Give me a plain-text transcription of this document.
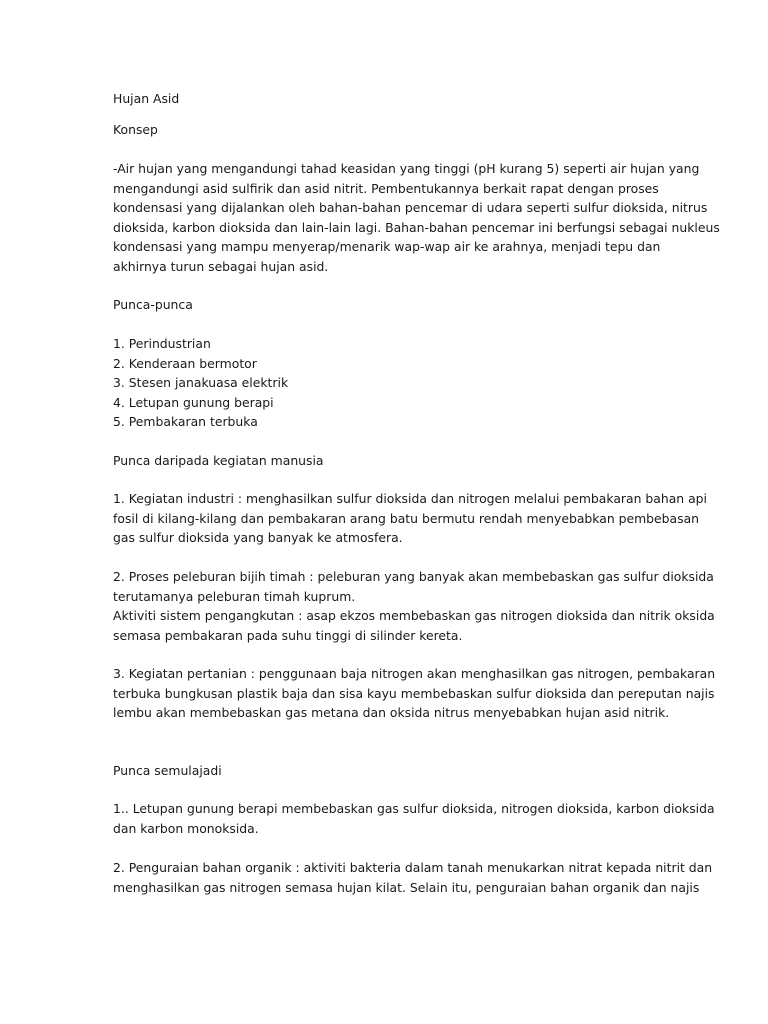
Hujan Asid
Konsep
-Air hujan yang mengandungi tahad keasidan yang tinggi (pH kurang 5) seperti air hujan yang
mengandungi asid sulfirik dan asid nitrit. Pembentukannya berkait rapat dengan proses
kondensasi yang dijalankan oleh bahan-bahan pencemar di udara seperti sulfur dioksida, nitrus
dioksida, karbon dioksida dan lain-lain lagi. Bahan-bahan pencemar ini berfungsi sebagai nukleus
kondensasi yang mampu menyerap/menarik wap-wap air ke arahnya, menjadi tepu dan
akhirnya turun sebagai hujan asid.
Punca-punca
1. Perindustrian
2. Kenderaan bermotor
3. Stesen janakuasa elektrik
4. Letupan gunung berapi
5. Pembakaran terbuka
Punca daripada kegiatan manusia
1. Kegiatan industri : menghasilkan sulfur dioksida dan nitrogen melalui pembakaran bahan api
fosil di kilang-kilang dan pembakaran arang batu bermutu rendah menyebabkan pembebasan
gas sulfur dioksida yang banyak ke atmosfera.
2. Proses peleburan bijih timah : peleburan yang banyak akan membebaskan gas sulfur dioksida
terutamanya peleburan timah kuprum.
Aktiviti sistem pengangkutan : asap ekzos membebaskan gas nitrogen dioksida dan nitrik oksida
semasa pembakaran pada suhu tinggi di silinder kereta.
3. Kegiatan pertanian : penggunaan baja nitrogen akan menghasilkan gas nitrogen, pembakaran
terbuka bungkusan plastik baja dan sisa kayu membebaskan sulfur dioksida dan pereputan najis
lembu akan membebaskan gas metana dan oksida nitrus menyebabkan hujan asid nitrik.
Punca semulajadi
1.. Letupan gunung berapi membebaskan gas sulfur dioksida, nitrogen dioksida, karbon dioksida
dan karbon monoksida.
2. Penguraian bahan organik : aktiviti bakteria dalam tanah menukarkan nitrat kepada nitrit dan
menghasilkan gas nitrogen semasa hujan kilat. Selain itu, penguraian bahan organik dan najis
